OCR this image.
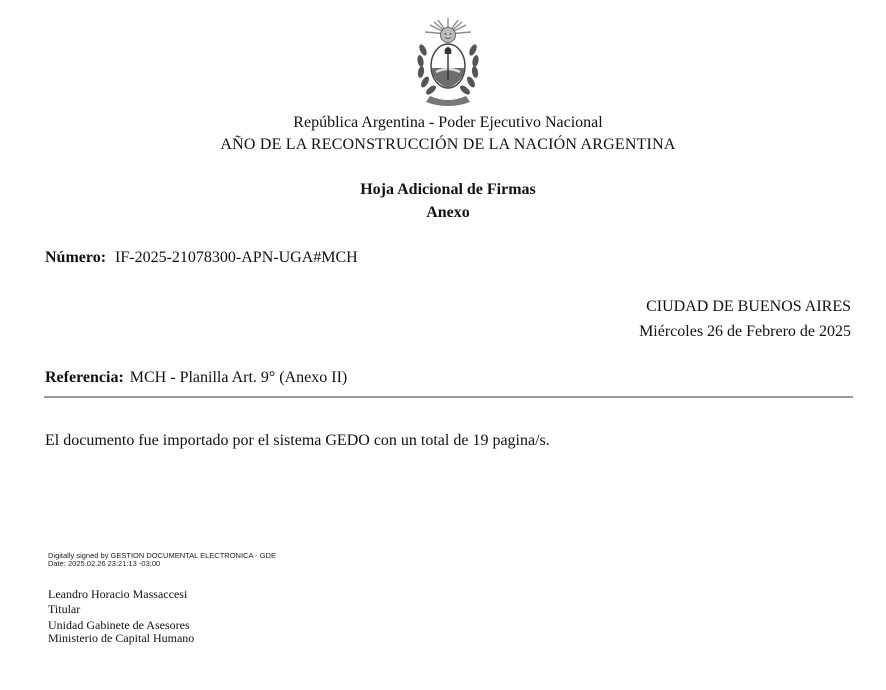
República Argentina - Poder Ejecutivo Nacional
AÑO DE LA RECONSTRUCCIÓN DE LA NACIÓN ARGENTINA
Hoja Adicional de Firmas
Anexo
Número: IF-2025-21078300-APN-UGA#MCH
CIUDAD DE BUENOS AIRES
Miércoles 26 de Febrero de 2025
Referencia: MCH - Planilla Art. 9° (Anexo II)
El documento fue importado por el sistema GEDO con un total de 19 pagina/s.
Digitally signed by GESTION DOCUMENTAL ELECTRONICA - GDE
Date: 2025.02.26 23:21:13 -03:00
Leandro Horacio Massaccesi
Titular
Unidad Gabinete de Asesores
Ministerio de Capital Humano
